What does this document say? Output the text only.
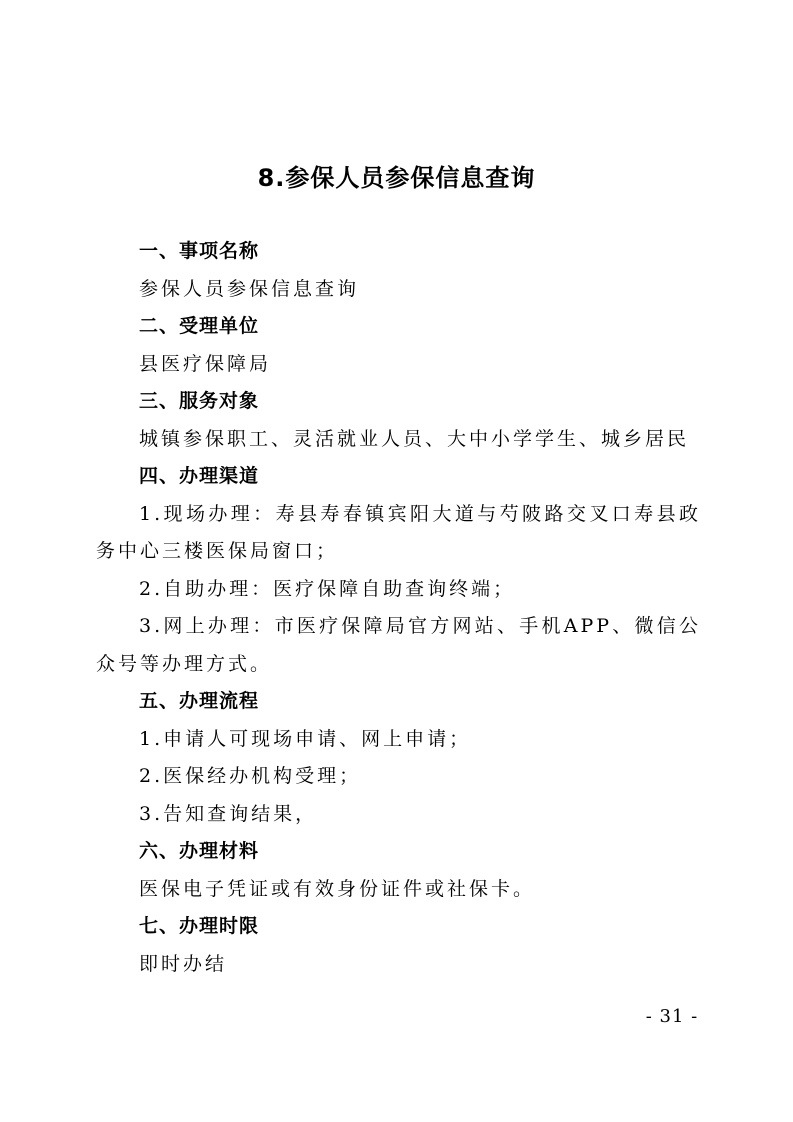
8.参保人员参保信息查询
一、事项名称

参保人员参保信息查询

二、受理单位

县医疗保障局

三、服务对象

城镇参保职工、灵活就业人员、大中小学学生、城乡居民

四、办理渠道

1.现场办理：寿县寿春镇宾阳大道与芍陂路交叉口寿县政务中心三楼医保局窗口；

2.自助办理：医疗保障自助查询终端；

3.网上办理：市医疗保障局官方网站、手机APP、微信公众号等办理方式。

五、办理流程

1.申请人可现场申请、网上申请；

2.医保经办机构受理；

3.告知查询结果，

六、办理材料

医保电子凭证或有效身份证件或社保卡。

七、办理时限

即时办结

- 31 -
